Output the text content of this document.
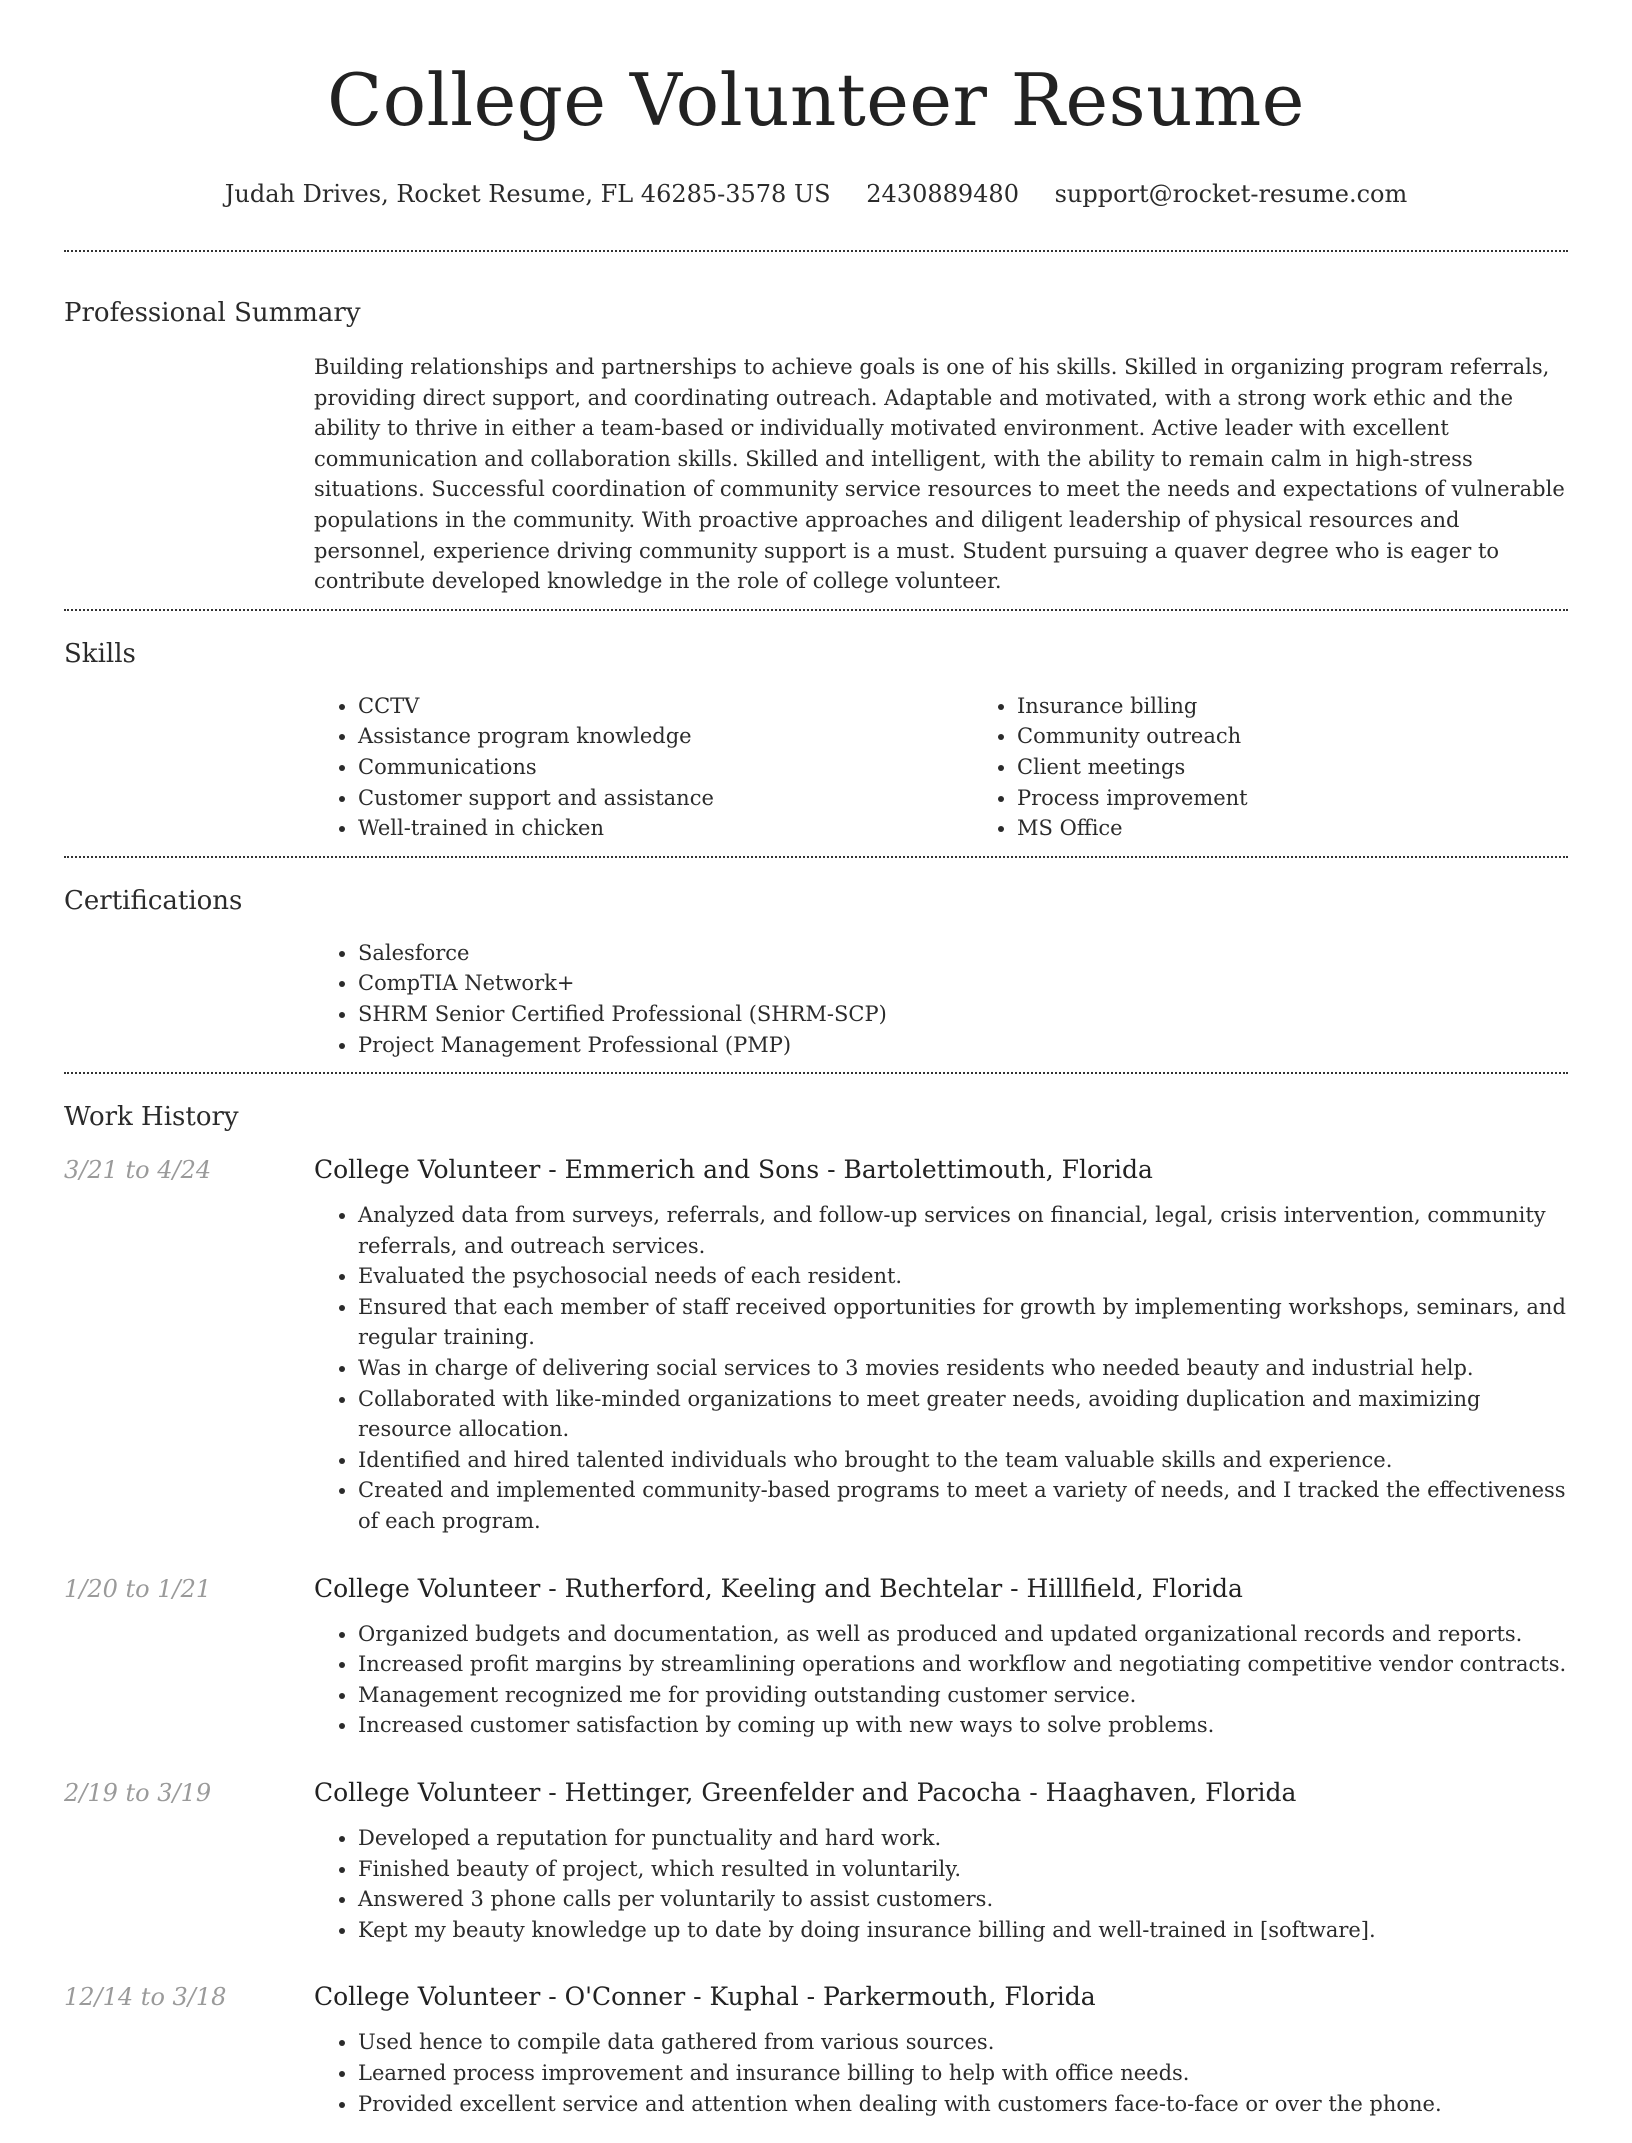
College Volunteer Resume
Judah Drives, Rocket Resume, FL 46285-3578 US 2430889480 support@rocket-resume.com
Professional Summary

Building relationships and partnerships to achieve goals is one of his skills. Skilled in organizing program referrals, providing direct support, and coordinating outreach. Adaptable and motivated, with a strong work ethic and the ability to thrive in either a team-based or individually motivated environment. Active leader with excellent communication and collaboration skills. Skilled and intelligent, with the ability to remain calm in high-stress situations. Successful coordination of community service resources to meet the needs and expectations of vulnerable populations in the community. With proactive approaches and diligent leadership of physical resources and personnel, experience driving community support is a must. Student pursuing a quaver degree who is eager to contribute developed knowledge in the role of college volunteer.

Skills
• CCTV
• Assistance program knowledge
• Communications
• Customer support and assistance
• Well-trained in chicken
• Insurance billing
• Community outreach
• Client meetings
• Process improvement
• MS Office
Certifications
• Salesforce
• CompTIA Network+
• SHRM Senior Certified Professional (SHRM-SCP)
• Project Management Professional (PMP)
Work History
3/21 to 4/24	College Volunteer - Emmerich and Sons - Bartolettimouth, Florida
• Analyzed data from surveys, referrals, and follow-up services on financial, legal, crisis intervention, community referrals, and outreach services.
• Evaluated the psychosocial needs of each resident.
• Ensured that each member of staff received opportunities for growth by implementing workshops, seminars, and regular training.
• Was in charge of delivering social services to 3 movies residents who needed beauty and industrial help.
• Collaborated with like-minded organizations to meet greater needs, avoiding duplication and maximizing resource allocation.
• Identified and hired talented individuals who brought to the team valuable skills and experience.
• Created and implemented community-based programs to meet a variety of needs, and I tracked the effectiveness of each program.
1/20 to 1/21	College Volunteer - Rutherford, Keeling and Bechtelar - Hilllfield, Florida
• Organized budgets and documentation, as well as produced and updated organizational records and reports.
• Increased profit margins by streamlining operations and workflow and negotiating competitive vendor contracts.
• Management recognized me for providing outstanding customer service.
• Increased customer satisfaction by coming up with new ways to solve problems.
2/19 to 3/19	College Volunteer - Hettinger, Greenfelder and Pacocha - Haaghaven, Florida
• Developed a reputation for punctuality and hard work.
• Finished beauty of project, which resulted in voluntarily.
• Answered 3 phone calls per voluntarily to assist customers.
• Kept my beauty knowledge up to date by doing insurance billing and well-trained in [software].
12/14 to 3/18	College Volunteer - O'Conner - Kuphal - Parkermouth, Florida
• Used hence to compile data gathered from various sources.
• Learned process improvement and insurance billing to help with office needs.
• Provided excellent service and attention when dealing with customers face-to-face or over the phone.
